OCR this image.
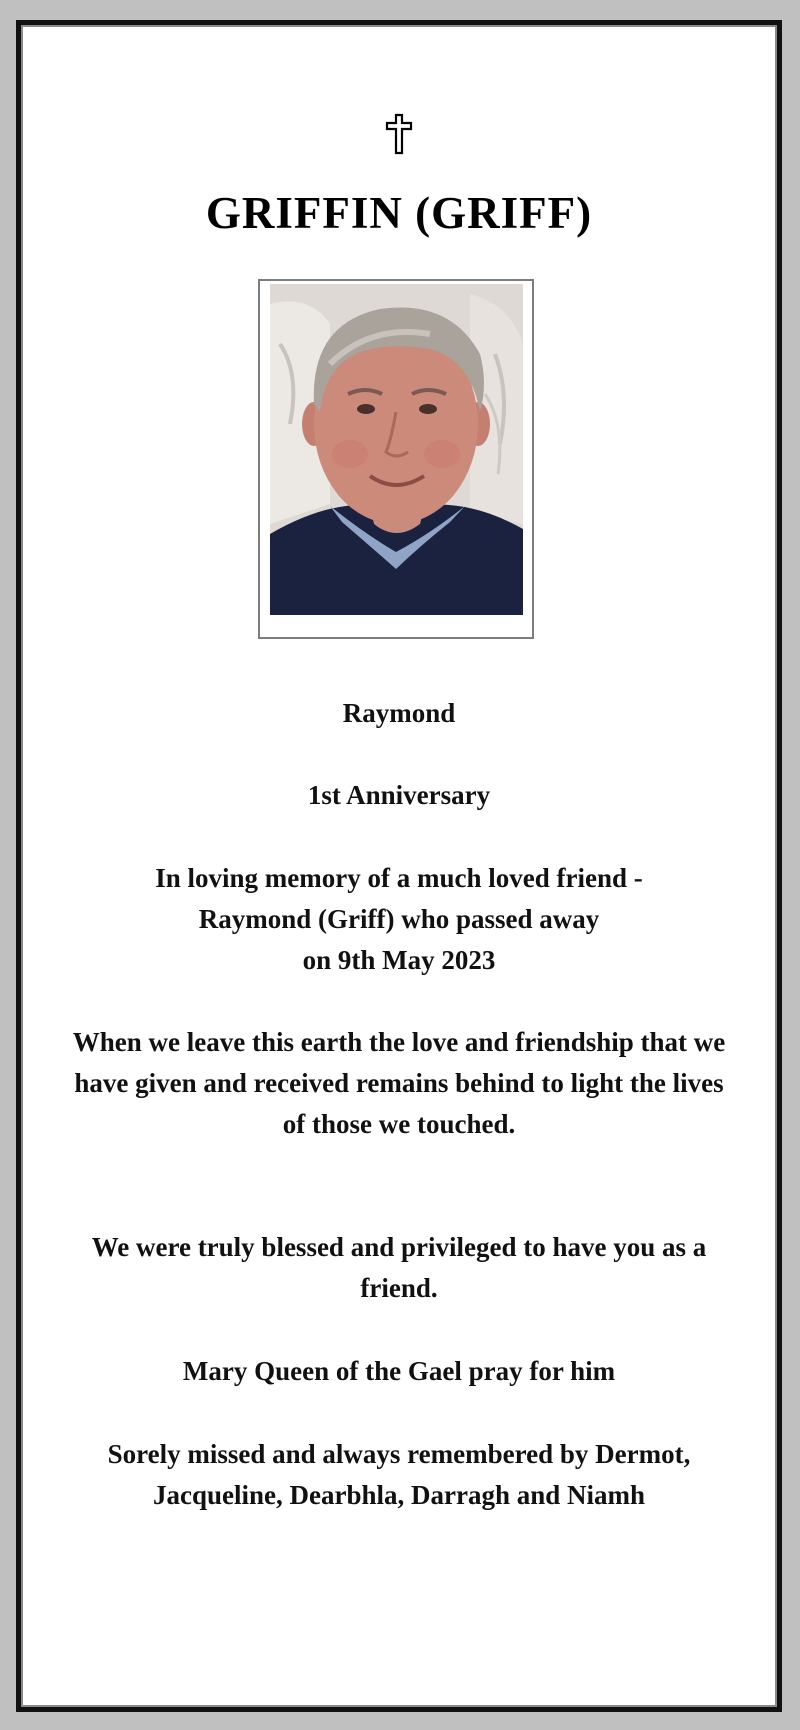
GRIFFIN (GRIFF)
Raymond
1st Anniversary
In loving memory of a much loved friend -
Raymond (Griff) who passed away
on 9th May 2023
When we leave this earth the love and friendship that we have given and received remains behind to light the lives of those we touched.
We were truly blessed and privileged to have you as a friend.
Mary Queen of the Gael pray for him
Sorely missed and always remembered by Dermot, Jacqueline, Dearbhla, Darragh and Niamh
